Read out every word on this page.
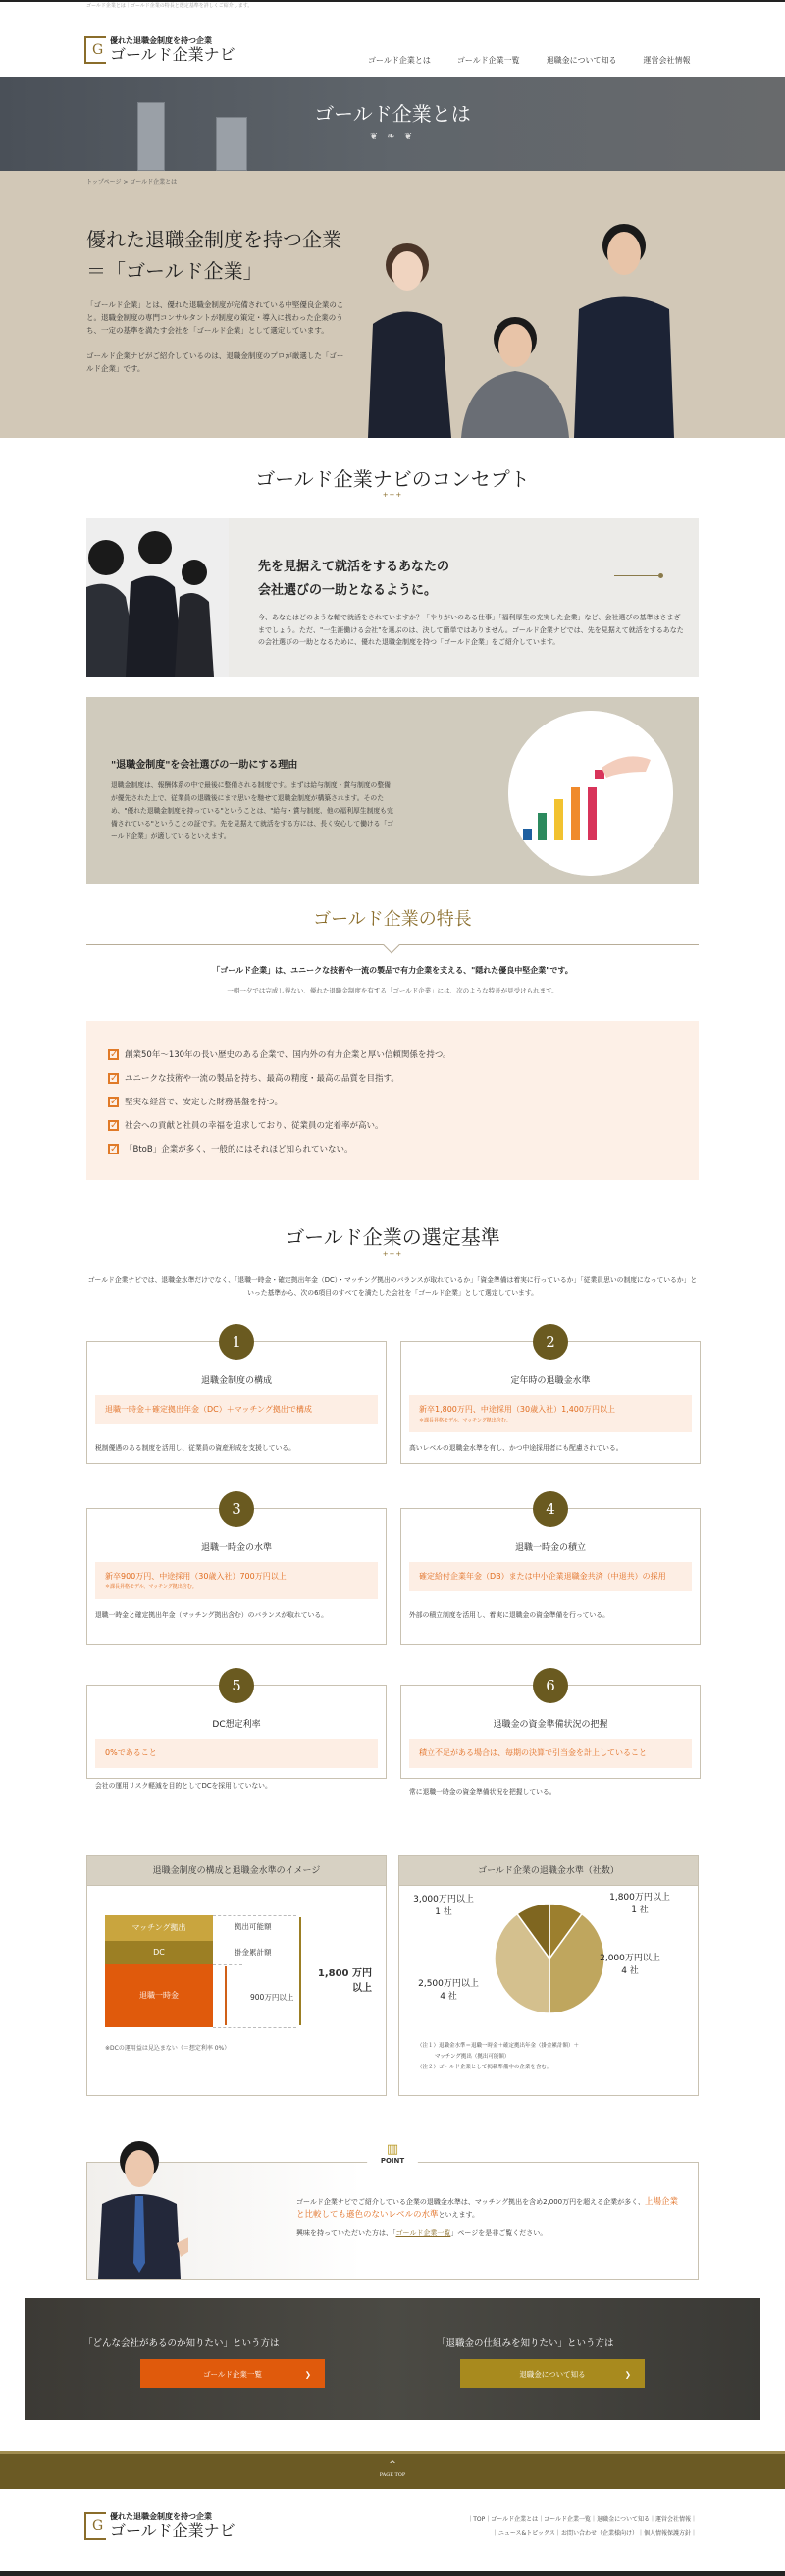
ゴールド企業とは｜ゴールド企業の特長と選定基準を詳しくご紹介します。
G
優れた退職金制度を持つ企業
ゴールド企業ナビ	ゴールド企業とは	ゴールド企業一覧	退職金について知る	運営会社情報
ゴールド企業とは
❦ ❧ ❦
トップページ > ゴールド企業とは
優れた退職金制度を持つ企業
＝「ゴールド企業」

「ゴールド企業」とは、優れた退職金制度が完備されている中堅優良企業のこと。退職金制度の専門コンサルタントが制度の策定・導入に携わった企業のうち、一定の基準を満たす会社を「ゴールド企業」として選定しています。

ゴールド企業ナビがご紹介しているのは、退職金制度のプロが厳選した「ゴールド企業」です。

ゴールド企業ナビのコンセプト
+++
先を見据えて就活をするあなたの
会社選びの一助となるように。

今、あなたはどのような軸で就活をされていますか？「やりがいのある仕事」「福利厚生の充実した企業」など、会社選びの基準はさまざまでしょう。ただ、"一生涯働ける会社"を選ぶのは、決して簡単ではありません。ゴールド企業ナビでは、先を見据えて就活をするあなたの会社選びの一助となるために、優れた退職金制度を持つ「ゴールド企業」をご紹介しています。

"退職金制度"を会社選びの一助にする理由

退職金制度は、報酬体系の中で最後に整備される制度です。まずは給与制度・賞与制度の整備が優先された上で、従業員の退職後にまで思いを馳せて退職金制度が構築されます。そのため、"優れた退職金制度を持っている"ということは、"給与・賞与制度、他の福利厚生制度も完備されている"ということの証です。先を見据えて就活をする方には、長く安心して働ける「ゴールド企業」が適しているといえます。

ゴールド企業の特長
「ゴールド企業」は、ユニークな技術や一流の製品で有力企業を支える、"隠れた優良中堅企業"です。
一朝一夕では完成し得ない、優れた退職金制度を有する「ゴールド企業」には、次のような特長が見受けられます。
✓ 創業50年～130年の長い歴史のある企業で、国内外の有力企業と厚い信頼関係を持つ。
✓ ユニークな技術や一流の製品を持ち、最高の精度・最高の品質を目指す。
✓ 堅実な経営で、安定した財務基盤を持つ。
✓ 社会への貢献と社員の幸福を追求しており、従業員の定着率が高い。
✓ 「BtoB」企業が多く、一般的にはそれほど知られていない。
ゴールド企業の選定基準
+++

ゴールド企業ナビでは、退職金水準だけでなく、「退職一時金・確定拠出年金（DC）・マッチング拠出のバランスが取れているか」「資金準備は着実に行っているか」「従業員思いの制度になっているか」といった基準から、次の6項目のすべてを満たした会社を「ゴールド企業」として選定しています。

1
退職金制度の構成
退職一時金＋確定拠出年金（DC）＋マッチング拠出で構成

税制優遇のある制度を活用し、従業員の資産形成を支援している。

2
定年時の退職金水準
新卒1,800万円、中途採用（30歳入社）1,400万円以上
＊課長昇格モデル、マッチング拠出含む。

高いレベルの退職金水準を有し、かつ中途採用者にも配慮されている。

3
退職一時金の水準
新卒900万円、中途採用（30歳入社）700万円以上
＊課長昇格モデル、マッチング拠出含む。

退職一時金と確定拠出年金（マッチング拠出含む）のバランスが取れている。

4
退職一時金の積立
確定給付企業年金（DB）または中小企業退職金共済（中退共）の採用

外部の積立制度を活用し、着実に退職金の資金準備を行っている。

5
DC想定利率
0%であること

会社の運用リスク軽減を目的としてDCを採用していない。

6
退職金の資金準備状況の把握
積立不足がある場合は、毎期の決算で引当金を計上していること

常に退職一時金の資金準備状況を把握している。

退職金制度の構成と退職金水準のイメージ
マッチング拠出
DC
退職一時金
拠出可能額
掛金累計額
900万円以上
1,800 万円
以上
※DCの運用益は見込まない（＝想定利率 0%）
ゴールド企業の退職金水準（社数）
1,800万円以上
1 社
2,000万円以上
4 社
2,500万円以上
4 社
3,000万円以上
1 社
（注１）退職金水準＝退職一時金＋確定拠出年金（掛金累計額）＋
マッチング拠出（拠出可能額）
（注２）ゴールド企業として掲載準備中の企業を含む。
▥
POINT

ゴールド企業ナビでご紹介している企業の退職金水準は、マッチング拠出を含め2,000万円を超える企業が多く、上場企業と比較しても遜色のないレベルの水準といえます。

興味を持っていただいた方は、「ゴールド企業一覧」ページを是非ご覧ください。

「どんな会社があるのか知りたい」という方は
ゴールド企業一覧	❯
「退職金の仕組みを知りたい」という方は
退職金について知る	❯
^
PAGE TOP
G
優れた退職金制度を持つ企業
ゴールド企業ナビ
｜TOP｜ゴールド企業とは｜ゴールド企業一覧｜退職金について知る｜運営会社情報｜
｜ニュース&トピックス｜お問い合わせ（企業様向け）｜個人情報保護方針｜
